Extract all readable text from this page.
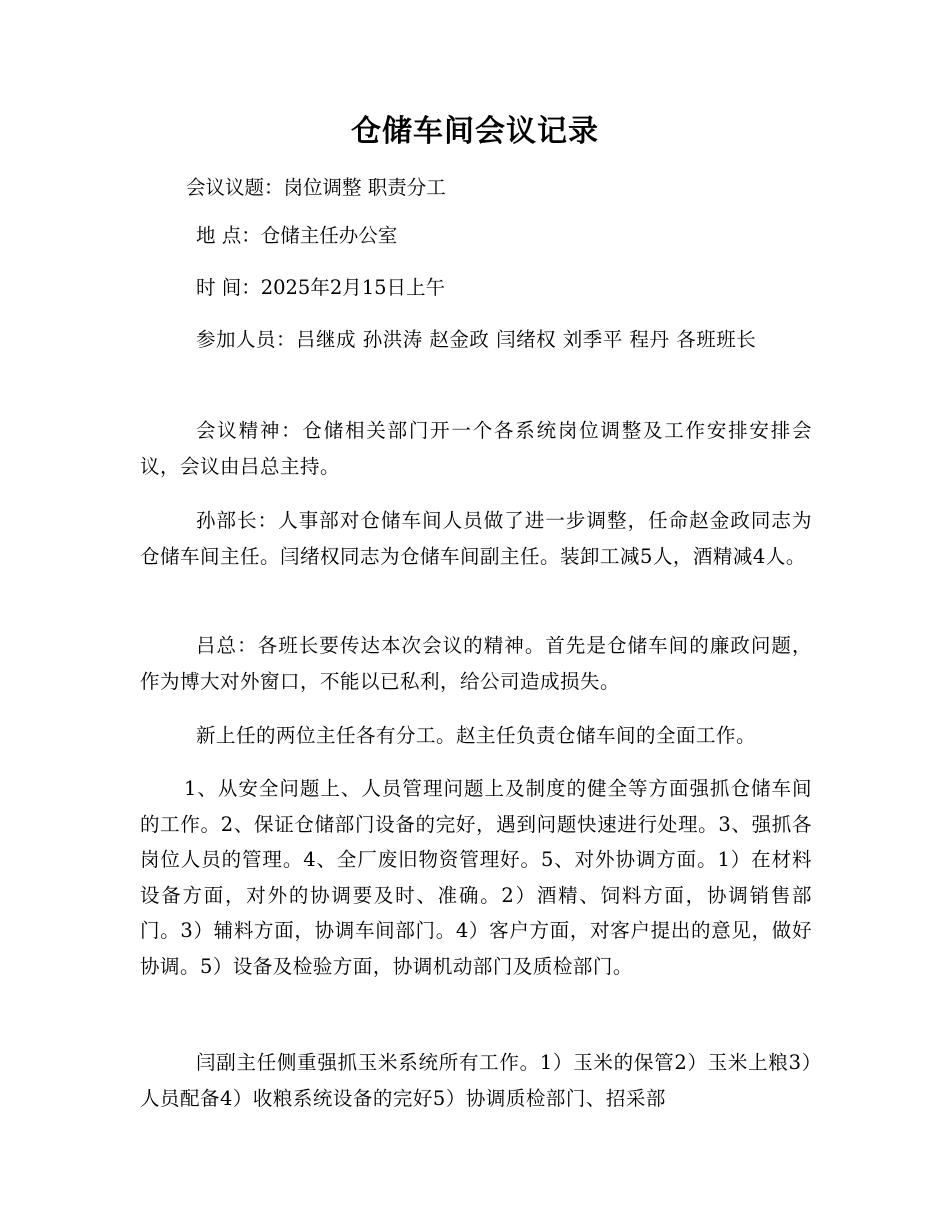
仓储车间会议记录
会议议题：岗位调整 职责分工
地 点：仓储主任办公室
时 间：2025年2月15日上午
参加人员：吕继成 孙洪涛 赵金政 闫绪权 刘季平 程丹 各班班长
会议精神：仓储相关部门开一个各系统岗位调整及工作安排安排会议，会议由吕总主持。
孙部长：人事部对仓储车间人员做了进一步调整，任命赵金政同志为仓储车间主任。闫绪权同志为仓储车间副主任。装卸工减5人，酒精减4人。
吕总：各班长要传达本次会议的精神。首先是仓储车间的廉政问题，作为博大对外窗口，不能以已私利，给公司造成损失。
新上任的两位主任各有分工。赵主任负责仓储车间的全面工作。
1、从安全问题上、人员管理问题上及制度的健全等方面强抓仓储车间的工作。2、保证仓储部门设备的完好，遇到问题快速进行处理。3、强抓各岗位人员的管理。4、全厂废旧物资管理好。5、对外协调方面。1）在材料设备方面，对外的协调要及时、准确。2）酒精、饲料方面，协调销售部门。3）辅料方面，协调车间部门。4）客户方面，对客户提出的意见，做好协调。5）设备及检验方面，协调机动部门及质检部门。
闫副主任侧重强抓玉米系统所有工作。1）玉米的保管2）玉米上粮3）人员配备4）收粮系统设备的完好5）协调质检部门、招采部
